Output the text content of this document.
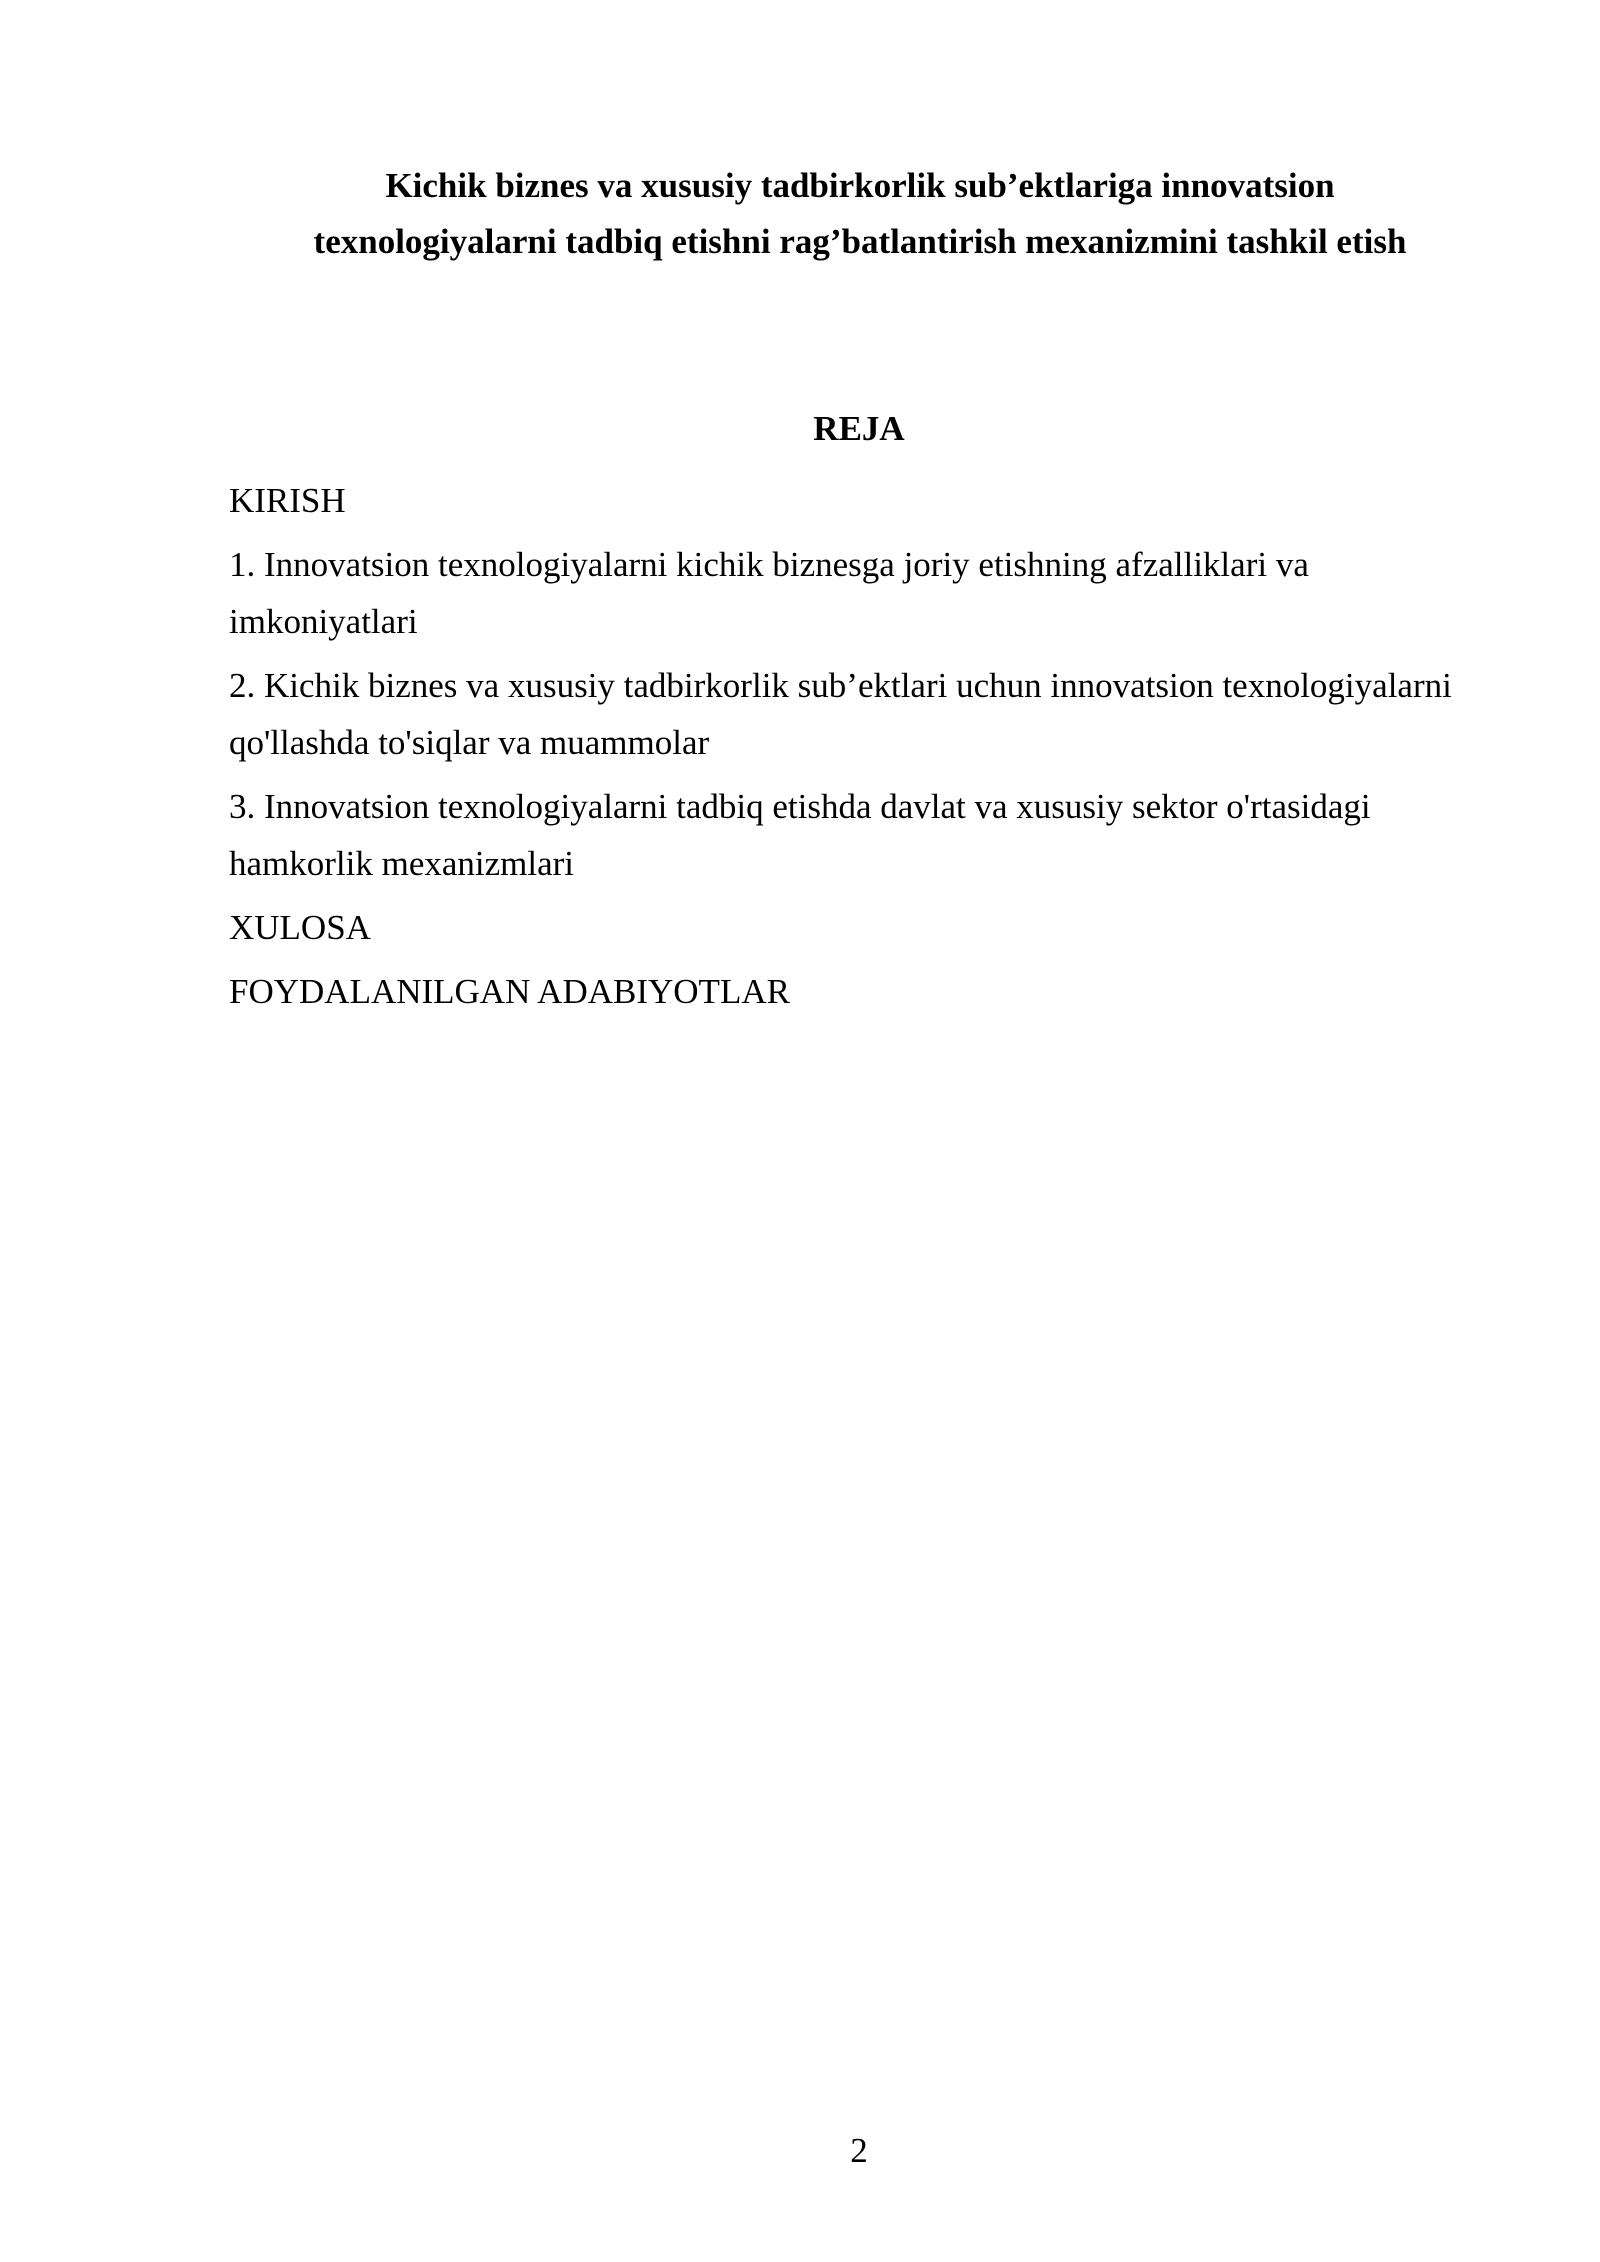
Kichik biznes va xususiy tadbirkorlik sub’ektlariga innovatsion
texnologiyalarni tadbiq etishni rag’batlantirish mexanizmini tashkil etish
REJA
KIRISH
1. Innovatsion texnologiyalarni kichik biznesga joriy etishning afzalliklari va imkoniyatlari
2. Kichik biznes va xususiy tadbirkorlik sub’ektlari uchun innovatsion texnologiyalarni qo'llashda to'siqlar va muammolar
3. Innovatsion texnologiyalarni tadbiq etishda davlat va xususiy sektor o'rtasidagi hamkorlik mexanizmlari
XULOSA
FOYDALANILGAN ADABIYOTLAR
2
